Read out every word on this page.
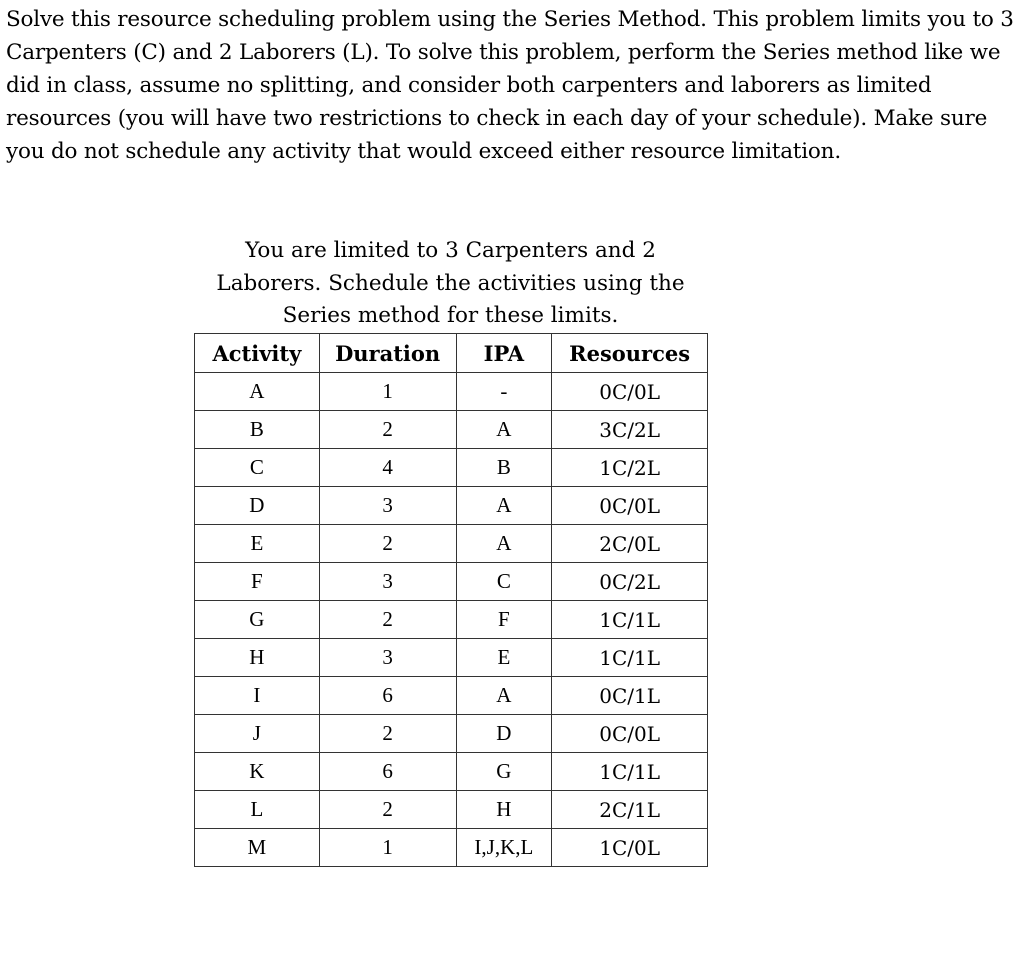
Solve this resource scheduling problem using the Series Method. This problem limits you to 3 Carpenters (C) and 2 Laborers (L). To solve this problem, perform the Series method like we did in class, assume no splitting, and consider both carpenters and laborers as limited resources (you will have two restrictions to check in each day of your schedule). Make sure you do not schedule any activity that would exceed either resource limitation.

You are limited to 3 Carpenters and 2 Laborers. Schedule the activities using the Series method for these limits.

Activity	Duration	IPA	Resources
A	1	-	0C/0L
B	2	A	3C/2L
C	4	B	1C/2L
D	3	A	0C/0L
E	2	A	2C/0L
F	3	C	0C/2L
G	2	F	1C/1L
H	3	E	1C/1L
I	6	A	0C/1L
J	2	D	0C/0L
K	6	G	1C/1L
L	2	H	2C/1L
M	1	I,J,K,L	1C/0L
